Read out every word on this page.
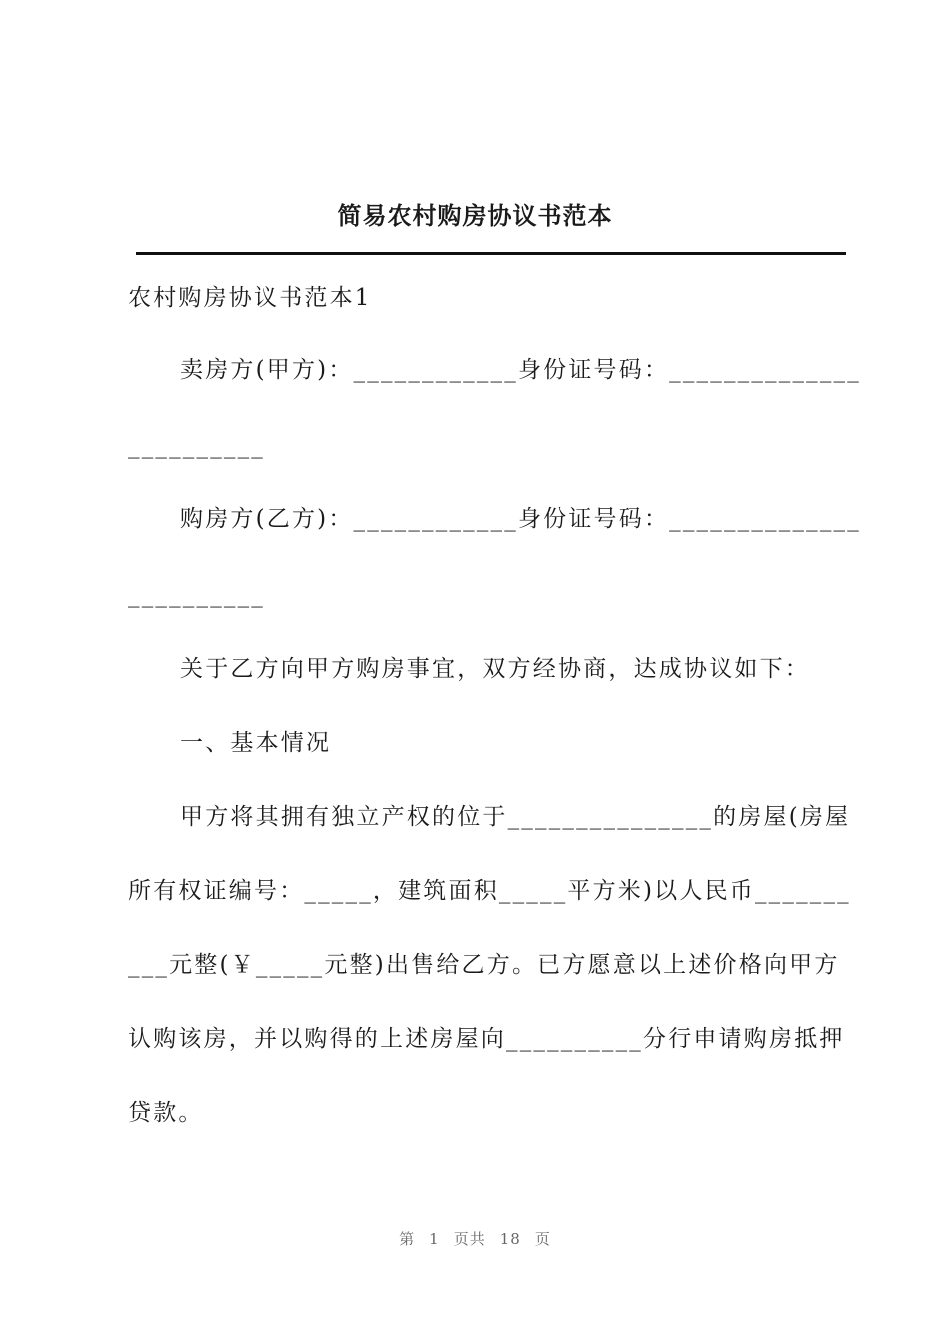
简易农村购房协议书范本
农村购房协议书范本1
卖房方(甲方)：____________身份证号码：______________
__________
购房方(乙方)：____________身份证号码：______________
__________
关于乙方向甲方购房事宜，双方经协商，达成协议如下：
一、基本情况
甲方将其拥有独立产权的位于_______________的房屋(房屋
所有权证编号：_____，建筑面积_____平方米)以人民币_______
___元整(￥_____元整)出售给乙方。已方愿意以上述价格向甲方
认购该房，并以购得的上述房屋向__________分行申请购房抵押
贷款。
第 1 页共 18 页
